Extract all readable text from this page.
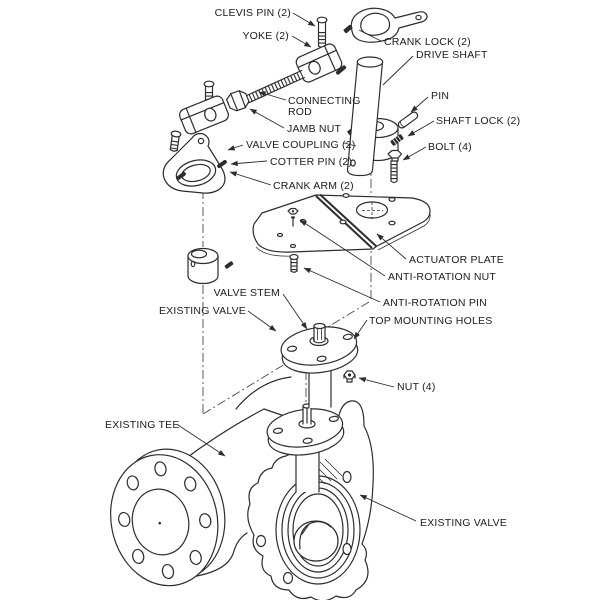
CLEVIS PIN (2)
YOKE (2)	CRANK LOCK (2)
DRIVE SHAFT
PIN
SHAFT LOCK (2)
BOLT (4)
CONNECTING
ROD
JAMB NUT
VALVE COUPLING (2)
COTTER PIN (2)
CRANK ARM (2)
ACTUATOR PLATE
ANTI-ROTATION NUT
ANTI-ROTATION PIN
VALVE STEM
EXISTING VALVE
TOP MOUNTING HOLES
NUT (4)
EXISTING TEE
EXISTING VALVE
